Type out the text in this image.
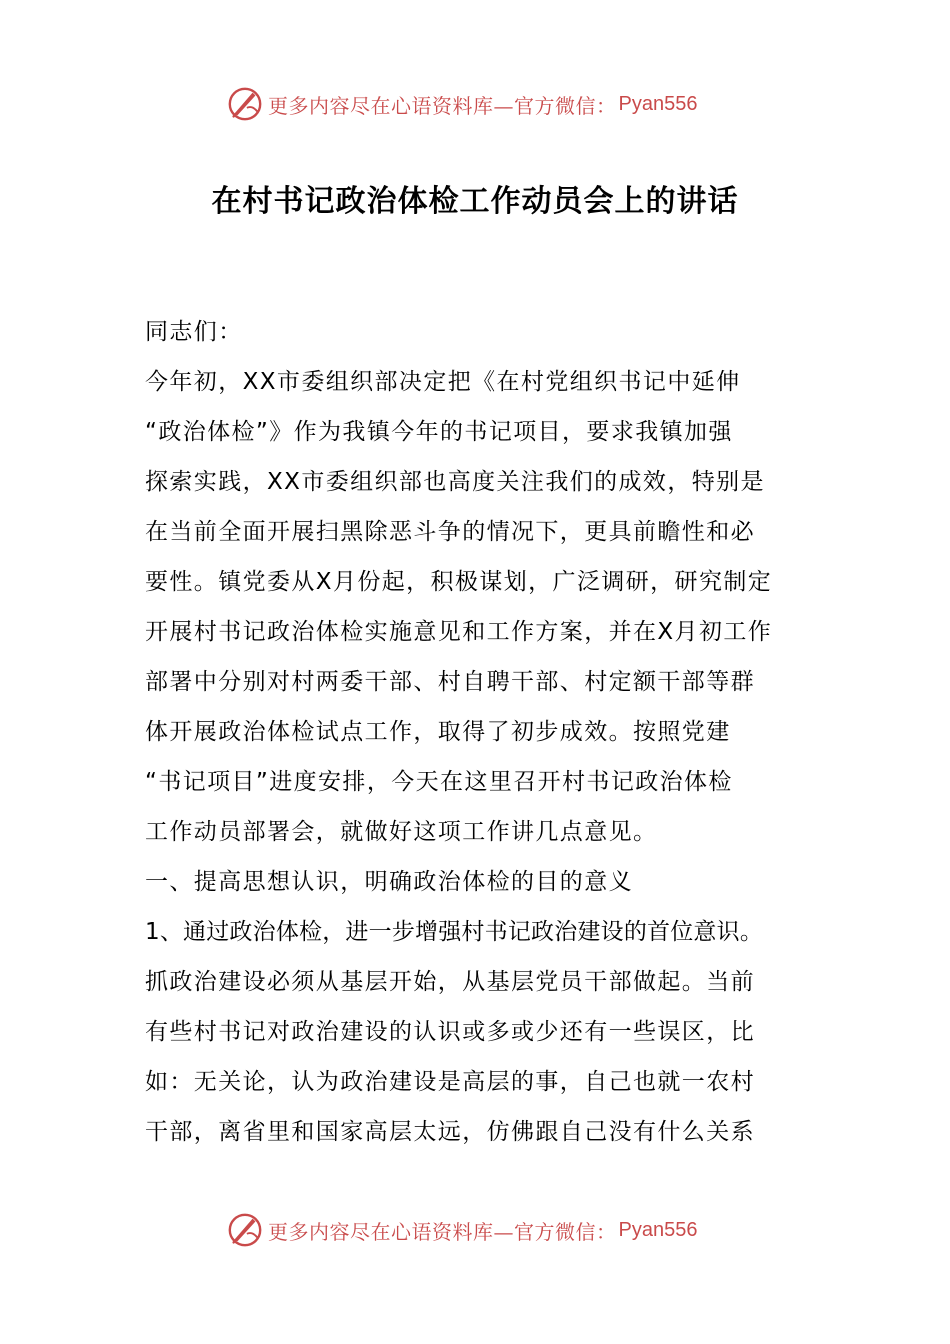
更多内容尽在心语资料库—官方微信： Pyan556
在村书记政治体检工作动员会上的讲话
同志们：
今年初，XX市委组织部决定把《在村党组织书记中延伸
“政治体检”》作为我镇今年的书记项目，要求我镇加强
探索实践，XX市委组织部也高度关注我们的成效，特别是
在当前全面开展扫黑除恶斗争的情况下，更具前瞻性和必
要性。镇党委从X月份起，积极谋划，广泛调研，研究制定
开展村书记政治体检实施意见和工作方案，并在X月初工作
部署中分别对村两委干部、村自聘干部、村定额干部等群
体开展政治体检试点工作，取得了初步成效。按照党建
“书记项目”进度安排，今天在这里召开村书记政治体检
工作动员部署会，就做好这项工作讲几点意见。
一、提高思想认识，明确政治体检的目的意义
1、通过政治体检，进一步增强村书记政治建设的首位意识。
抓政治建设必须从基层开始，从基层党员干部做起。当前
有些村书记对政治建设的认识或多或少还有一些误区，比
如：无关论，认为政治建设是高层的事，自己也就一农村
干部，离省里和国家高层太远，仿佛跟自己没有什么关系
更多内容尽在心语资料库—官方微信： Pyan556
